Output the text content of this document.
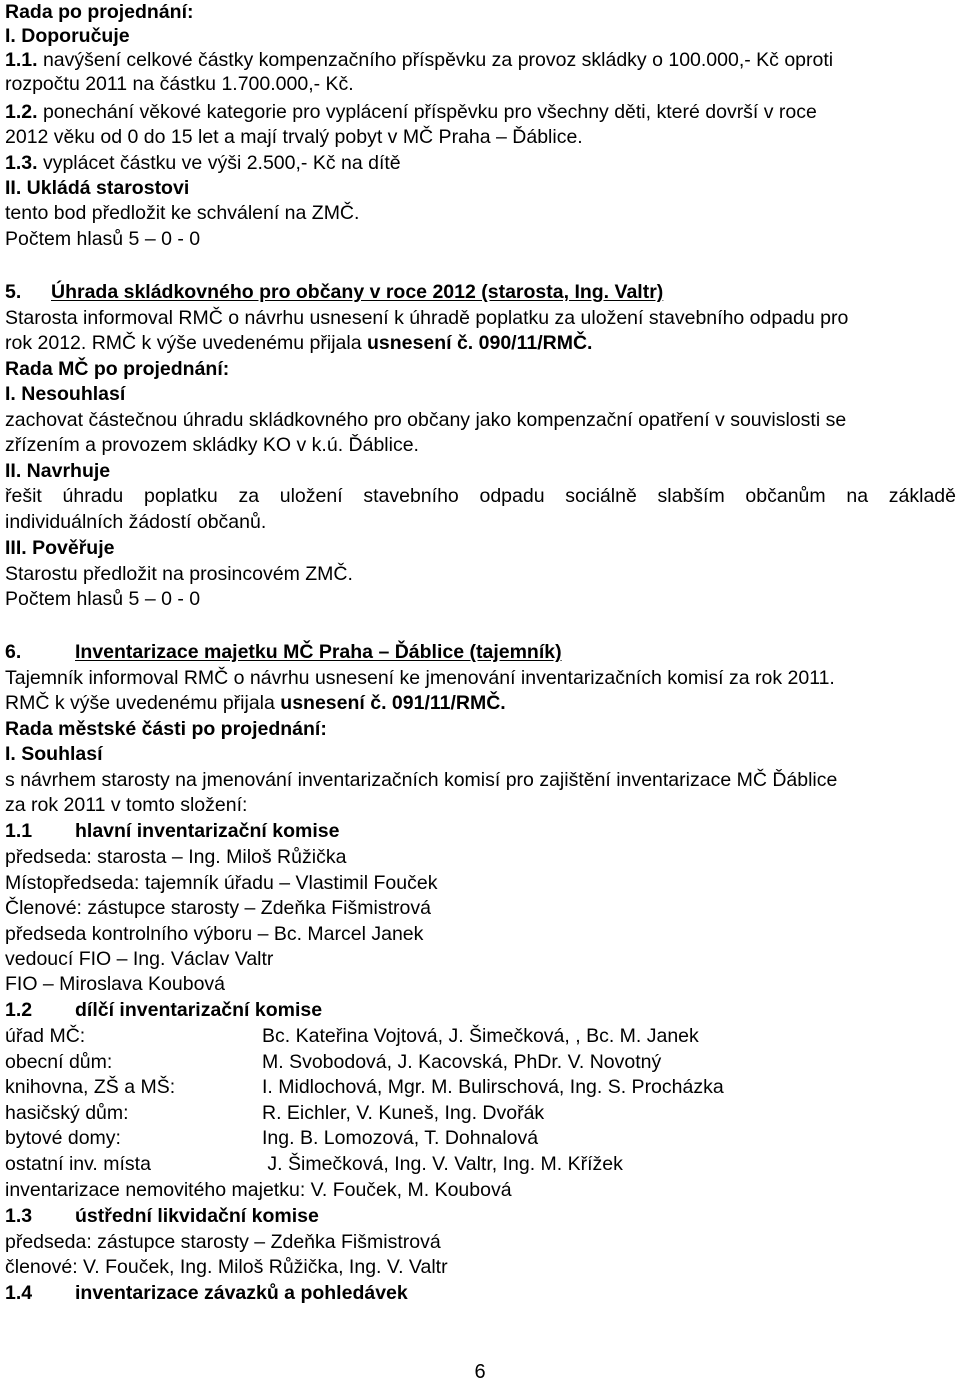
Rada po projednání:
I. Doporučuje
1.1. navýšení celkové částky kompenzačního příspěvku za provoz skládky o 100.000,- Kč oproti
rozpočtu 2011 na částku 1.700.000,- Kč.
1.2. ponechání věkové kategorie pro vyplácení příspěvku pro všechny děti, které dovrší v roce
2012 věku od 0 do 15 let a mají trvalý pobyt v MČ Praha – Ďáblice.
1.3. vyplácet částku ve výši 2.500,- Kč na dítě
II. Ukládá starostovi
tento bod předložit ke schválení na ZMČ.
Počtem hlasů 5 – 0 - 0
5. Úhrada skládkovného pro občany v roce 2012 (starosta, Ing. Valtr)
Starosta informoval RMČ o návrhu usnesení k úhradě poplatku za uložení stavebního odpadu pro
rok 2012. RMČ k výše uvedenému přijala usnesení č. 090/11/RMČ.
Rada MČ po projednání:
I. Nesouhlasí
zachovat částečnou úhradu skládkovného pro občany jako kompenzační opatření v souvislosti se
zřízením a provozem skládky KO v k.ú. Ďáblice.
II. Navrhuje
řešit úhradu poplatku za uložení stavebního odpadu sociálně slabším občanům na základě
individuálních žádostí občanů.
III. Pověřuje
Starostu předložit na prosincovém ZMČ.
Počtem hlasů 5 – 0 - 0
6.	Inventarizace majetku MČ Praha – Ďáblice (tajemník)
Tajemník informoval RMČ o návrhu usnesení ke jmenování inventarizačních komisí za rok 2011.
RMČ k výše uvedenému přijala usnesení č. 091/11/RMČ.
Rada městské části po projednání:
I. Souhlasí
s návrhem starosty na jmenování inventarizačních komisí pro zajištění inventarizace MČ Ďáblice
za rok 2011 v tomto složení:
1.1 hlavní inventarizační komise
předseda: starosta – Ing. Miloš Růžička
Místopředseda: tajemník úřadu – Vlastimil Fouček
Členové: zástupce starosty – Zdeňka Fišmistrová
předseda kontrolního výboru – Bc. Marcel Janek
vedoucí FIO – Ing. Václav Valtr
FIO – Miroslava Koubová
1.2 dílčí inventarizační komise
úřad MČ:	Bc. Kateřina Vojtová, J. Šimečková, , Bc. M. Janek
obecní dům:	M. Svobodová, J. Kacovská, PhDr. V. Novotný
knihovna, ZŠ a MŠ:	I. Midlochová, Mgr. M. Bulirschová, Ing. S. Procházka
hasičský dům:	R. Eichler, V. Kuneš, Ing. Dvořák
bytové domy:	Ing. B. Lomozová, T. Dohnalová
ostatní inv. místa	J. Šimečková, Ing. V. Valtr, Ing. M. Křížek
inventarizace nemovitého majetku: V. Fouček, M. Koubová
1.3 ústřední likvidační komise
předseda: zástupce starosty – Zdeňka Fišmistrová
členové: V. Fouček, Ing. Miloš Růžička, Ing. V. Valtr
1.4 inventarizace závazků a pohledávek
6
